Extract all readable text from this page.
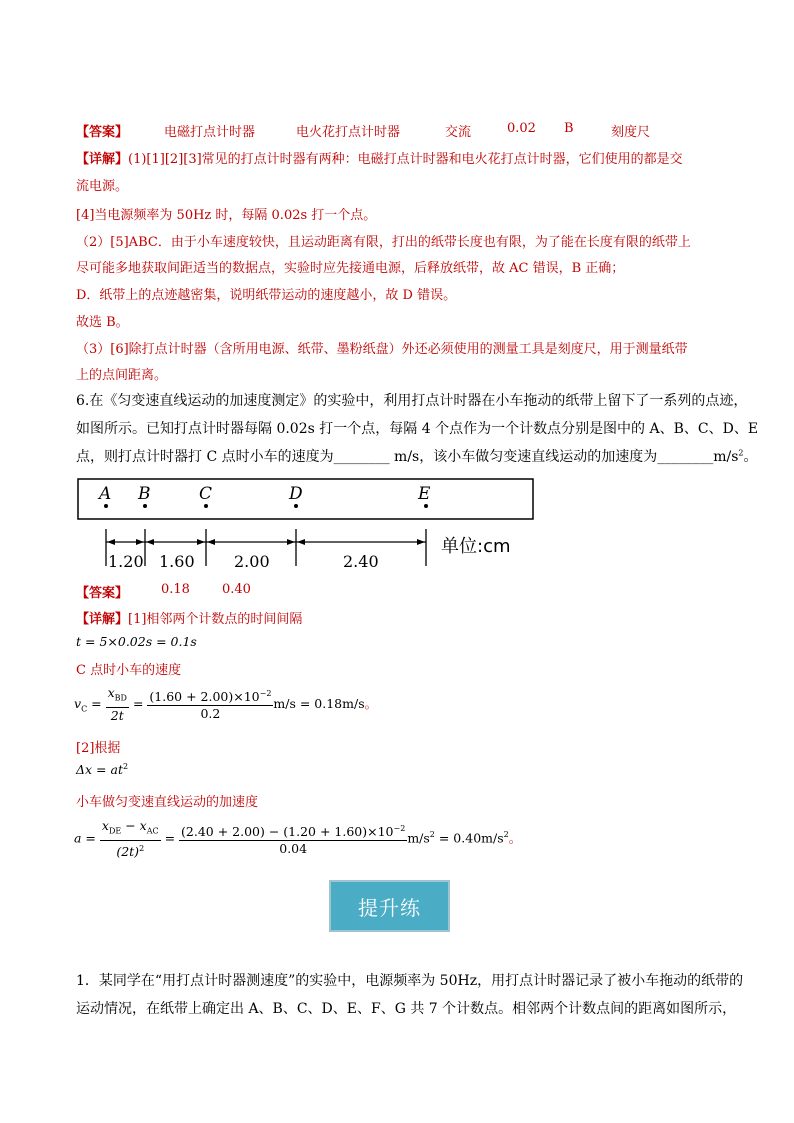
【答案】	电磁打点计时器	电火花打点计时器	交流	0.02 B	刻度尺
【详解】(1)[1][2][3]常见的打点计时器有两种：电磁打点计时器和电火花打点计时器，它们使用的都是交
流电源。
[4]当电源频率为 50Hz 时，每隔 0.02s 打一个点。
（2）[5]ABC．由于小车速度较快，且运动距离有限，打出的纸带长度也有限，为了能在长度有限的纸带上
尽可能多地获取间距适当的数据点，实验时应先接通电源，后释放纸带，故 AC 错误，B 正确；
D．纸带上的点迹越密集，说明纸带运动的速度越小，故 D 错误。
故选 B。
（3）[6]除打点计时器（含所用电源、纸带、墨粉纸盘）外还必须使用的测量工具是刻度尺，用于测量纸带
上的点间距离。
6.在《匀变速直线运动的加速度测定》的实验中，利用打点计时器在小车拖动的纸带上留下了一系列的点迹，
如图所示。已知打点计时器每隔 0.02s 打一个点，每隔 4 个点作为一个计数点分别是图中的 A、B、C、D、E
点，则打点计时器打 C 点时小车的速度为________ m/s，该小车做匀变速直线运动的加速度为$\_\_\_\_\_\_\_\_m/s^2$。
A B	C	D	E
1.20 1.60 2.00	2.40
单位:cm
【答案】	0.18 0.40
【详解】[1]相邻两个计数点的时间间隔
t = 5×0.02s = 0.1s
C 点时小车的速度
$v_C = \frac{x_{BD}}{2t} = \frac{(1.60 + 2.00)\times 10^{-2}}{0.2} m/s = 0.18m/s$。
[2]根据
$\Delta x = at^2$
小车做匀变速直线运动的加速度
$a = \frac{x_{DE} - x_{AC}}{(2t)^2} = \frac{(2.40 + 2.00) - (1.20 + 1.60)\times 10^{-2}}{0.04} m/s^2 = 0.40m/s^2$。
提升练
1．某同学在“用打点计时器测速度”的实验中，电源频率为 50Hz，用打点计时器记录了被小车拖动的纸带的
运动情况，在纸带上确定出 A、B、C、D、E、F、G 共 7 个计数点。相邻两个计数点间的距离如图所示，
